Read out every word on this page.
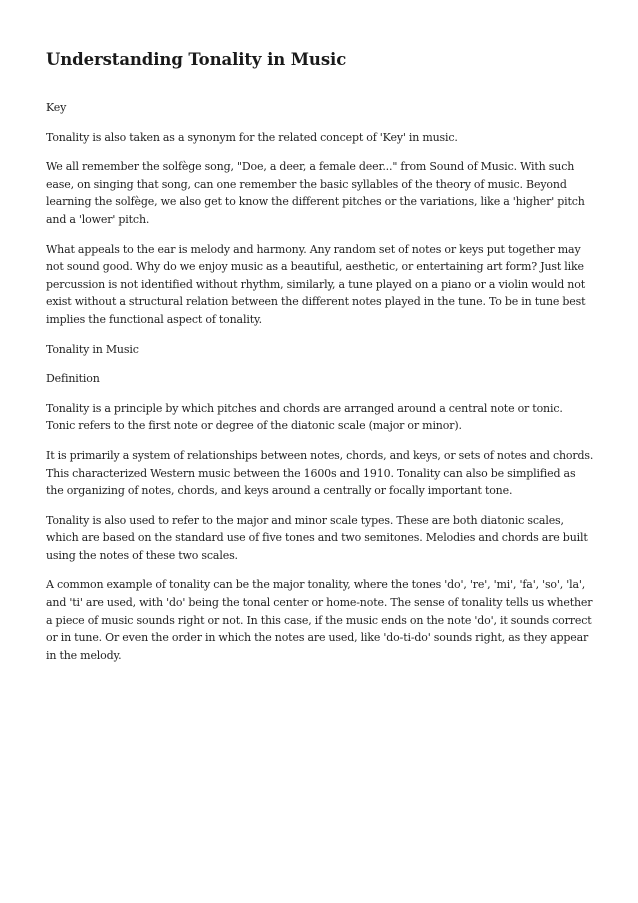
Understanding Tonality in Music

Key

Tonality is also taken as a synonym for the related concept of 'Key' in music.

We all remember the solfège song, "Doe, a deer, a female deer..." from Sound of Music. With such ease, on singing that song, can one remember the basic syllables of the theory of music. Beyond learning the solfège, we also get to know the different pitches or the variations, like a 'higher' pitch and a 'lower' pitch.

What appeals to the ear is melody and harmony. Any random set of notes or keys put together may not sound good. Why do we enjoy music as a beautiful, aesthetic, or entertaining art form? Just like percussion is not identified without rhythm, similarly, a tune played on a piano or a violin would not exist without a structural relation between the different notes played in the tune. To be in tune best implies the functional aspect of tonality.

Tonality in Music

Definition

Tonality is a principle by which pitches and chords are arranged around a central note or tonic. Tonic refers to the first note or degree of the diatonic scale (major or minor).

It is primarily a system of relationships between notes, chords, and keys, or sets of notes and chords. This characterized Western music between the 1600s and 1910. Tonality can also be simplified as the organizing of notes, chords, and keys around a centrally or focally important tone.

Tonality is also used to refer to the major and minor scale types. These are both diatonic scales, which are based on the standard use of five tones and two semitones. Melodies and chords are built using the notes of these two scales.

A common example of tonality can be the major tonality, where the tones 'do', 're', 'mi', 'fa', 'so', 'la', and 'ti' are used, with 'do' being the tonal center or home-note. The sense of tonality tells us whether a piece of music sounds right or not. In this case, if the music ends on the note 'do', it sounds correct or in tune. Or even the order in which the notes are used, like 'do-ti-do' sounds right, as they appear in the melody.
